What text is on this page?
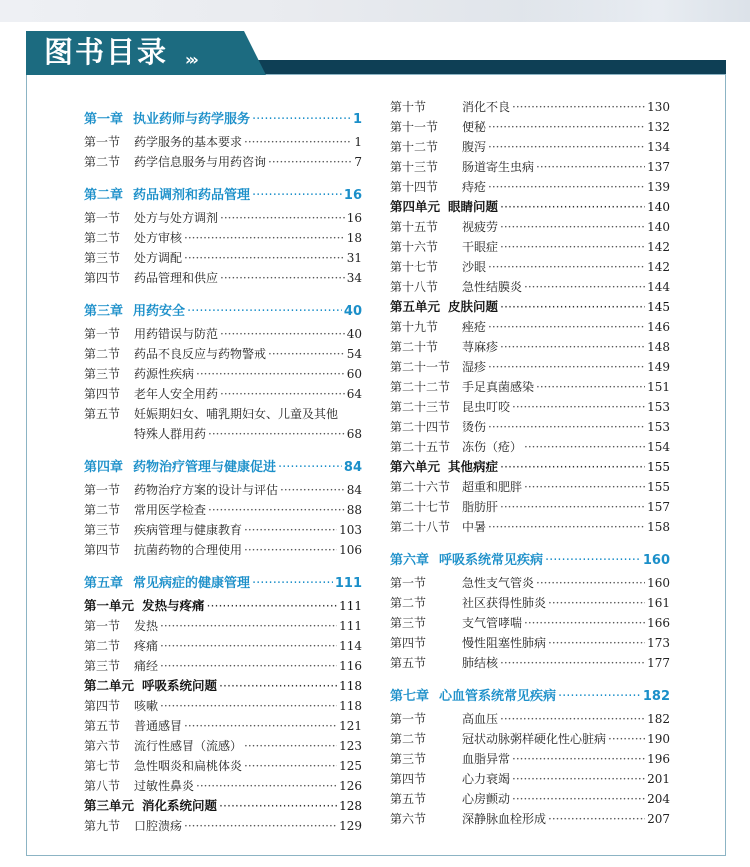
图书目录 ›››
第一章 执业药师与药学服务 ·····	1
第一节	药学服务的基本要求 ·····	1
第二节	药学信息服务与用药咨询 ·····	7
第二章 药品调剂和药品管理 ·····	16
第一节	处方与处方调剂 ·····	16
第二节	处方审核 ·····	18
第三节	处方调配 ·····	31
第四节	药品管理和供应 ·····	34
第三章 用药安全 ·····	40
第一节	用药错误与防范 ·····	40
第二节	药品不良反应与药物警戒 ·····	54
第三节	药源性疾病 ·····	60
第四节	老年人安全用药 ·····	64
第五节	妊娠期妇女、哺乳期妇女、儿童及其他
特殊人群用药 ·····	68
第四章 药物治疗管理与健康促进 ·····	84
第一节	药物治疗方案的设计与评估 ·····	84
第二节	常用医学检查 ·····	88
第三节	疾病管理与健康教育 ·····	103
第四节	抗菌药物的合理使用 ·····	106
第五章 常见病症的健康管理 ·····	111
第一单元 发热与疼痛 ·····	111
第一节	发热 ·····	111
第二节	疼痛 ·····	114
第三节	痛经 ·····	116
第二单元 呼吸系统问题 ·····	118
第四节	咳嗽 ·····	118
第五节	普通感冒 ·····	121
第六节	流行性感冒（流感） ·····	123
第七节	急性咽炎和扁桃体炎 ·····	125
第八节	过敏性鼻炎 ·····	126
第三单元 消化系统问题 ·····	128
第九节	口腔溃疡 ·····	129
第十节	消化不良 ·····	130
第十一节	便秘 ·····	132
第十二节	腹泻 ·····	134
第十三节	肠道寄生虫病 ·····	137
第十四节	痔疮 ·····	139
第四单元 眼睛问题 ·····	140
第十五节	视疲劳 ·····	140
第十六节	干眼症 ·····	142
第十七节	沙眼 ·····	142
第十八节	急性结膜炎 ·····	144
第五单元 皮肤问题 ·····	145
第十九节	痤疮 ·····	146
第二十节	荨麻疹 ·····	148
第二十一节 湿疹 ·····	149
第二十二节 手足真菌感染 ·····	151
第二十三节 昆虫叮咬 ·····	153
第二十四节 烫伤 ·····	153
第二十五节 冻伤（疮） ·····	154
第六单元 其他病症 ·····	155
第二十六节 超重和肥胖 ·····	155
第二十七节 脂肪肝 ·····	157
第二十八节 中暑 ·····	158
第六章 呼吸系统常见疾病 ·····	160
第一节	急性支气管炎 ·····	160
第二节	社区获得性肺炎 ·····	161
第三节	支气管哮喘 ·····	166
第四节	慢性阻塞性肺病 ·····	173
第五节	肺结核 ·····	177
第七章 心血管系统常见疾病 ·····	182
第一节	高血压 ·····	182
第二节	冠状动脉粥样硬化性心脏病 ·····	190
第三节	血脂异常 ·····	196
第四节	心力衰竭 ·····	201
第五节	心房颤动 ·····	204
第六节	深静脉血栓形成 ·····	207
